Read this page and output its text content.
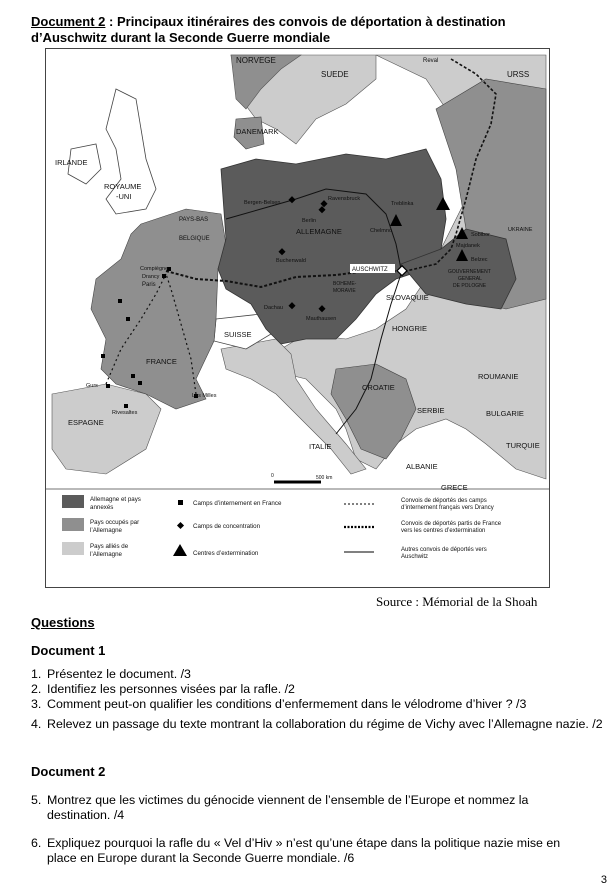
Document 2 : Principaux itinéraires des convois de déportation à destination
d’Auschwitz durant la Seconde Guerre mondiale
NORVEGE
SUEDE	URSS
Reval
DANEMARK
IRLANDE
ROYAUME
-UNI
PAYS-BAS
BELGIQUE
Bergen-Belsen
Ravensbruck
Berlin
ALLEMAGNE	Chelmno
Treblinka
Sobibor
Majdanek
Belzec
UKRAINE
Buchenwald
AUSCHWITZ	GOUVERNEMENT
GENERAL
DE POLOGNE
Compiègne
Drancy
Paris	BOHEME-
MORAVIE
SLOVAQUIE
Dachau
Mauthausen
SUISSE
HONGRIE
FRANCE
ROUMANIE
Gurs
Les Milles
CROATIE
Rivesaltes
ESPAGNE
SERBIE	BULGARIE
ITALIE	TURQUIE
ALBANIE
GRECE
0	500 km
Allemagne et pays
annexés
Pays occupés par
l’Allemagne
Pays alliés de
l’Allemagne
Camps d’internement en France
Camps de concentration
Centres d’extermination
Convois de déportés des camps
d’internement français vers Drancy
Convois de déportés partis de France
vers les centres d’extermination
Autres convois de déportés vers
Auschwitz
Source : Mémorial de la Shoah
Questions
Document 1
1. Présentez le document. /3
2. Identifiez les personnes visées par la rafle. /2
3. Comment peut-on qualifier les conditions d’enfermement dans le vélodrome d’hiver ? /3
4. Relevez un passage du texte montrant la collaboration du régime de Vichy avec l’Allemagne nazie. /2
Document 2
5. Montrez que les victimes du génocide viennent de l’ensemble de l’Europe et nommez la destination. /4
6. Expliquez pourquoi la rafle du « Vel d’Hiv » n’est qu’une étape dans la politique nazie mise en place en Europe durant la Seconde Guerre mondiale. /6
3
